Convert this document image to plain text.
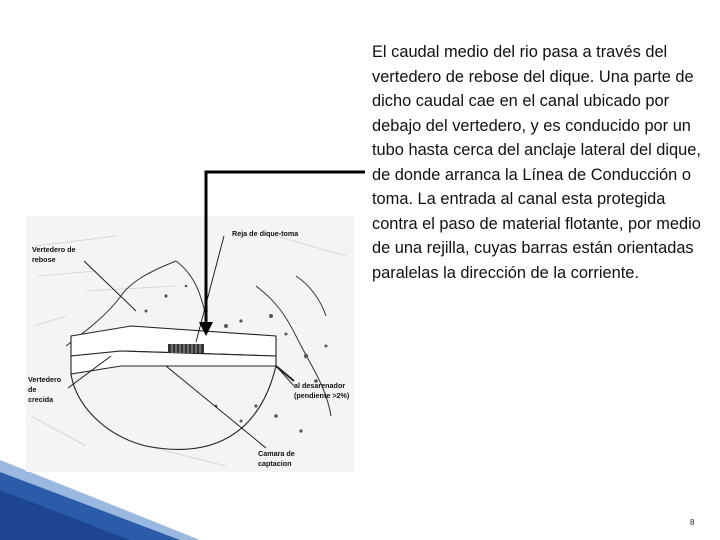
Vertedero de
rebose
Reja de dique-toma
Vertedero
de
crecida
al desarenador
(pendiente >2%)
Camara de
captacion

El caudal medio del rio pasa a través del vertedero de rebose del dique. Una parte de dicho caudal cae en el canal ubicado por debajo del vertedero, y es conducido por un tubo hasta cerca del anclaje lateral del dique, de donde arranca la Línea de Conducción o toma. La entrada al canal esta protegida contra el paso de material flotante, por medio de una rejilla, cuyas barras están orientadas paralelas la dirección de la corriente.

8
